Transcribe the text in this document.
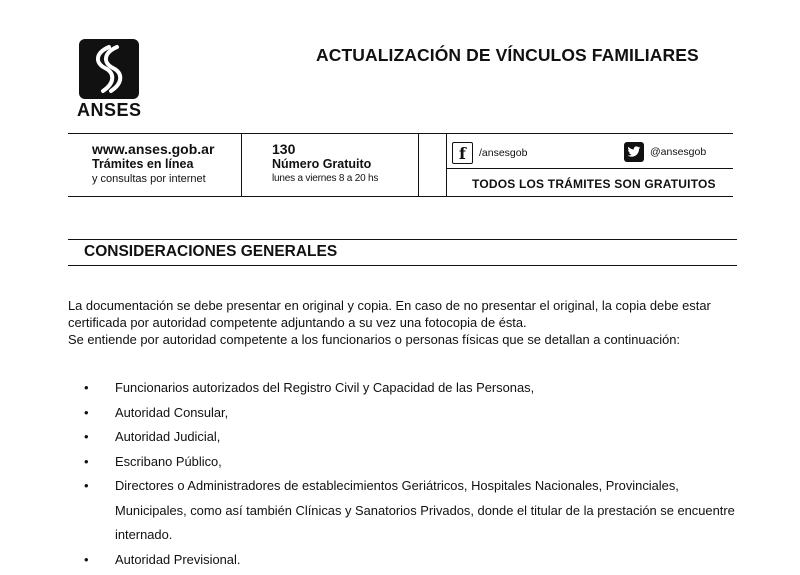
ANSES
ACTUALIZACIÓN DE VÍNCULOS FAMILIARES
www.anses.gob.ar
Trámites en línea
y consultas por internet
130
Número Gratuito
lunes a viernes 8 a 20 hs
f	/ansesgob	@ansesgob
TODOS LOS TRÁMITES SON GRATUITOS
CONSIDERACIONES GENERALES

La documentación se debe presentar en original y copia. En caso de no presentar el original, la copia debe estar certificada por autoridad competente adjuntando a su vez una fotocopia de ésta.

Se entiende por autoridad competente a los funcionarios o personas físicas que se detallan a continuación:

• Funcionarios autorizados del Registro Civil y Capacidad de las Personas,
• Autoridad Consular,
• Autoridad Judicial,
• Escribano Público,
• Directores o Administradores de establecimientos Geriátricos, Hospitales Nacionales, Provinciales, Municipales, como así también Clínicas y Sanatorios Privados, donde el titular de la prestación se encuentre internado.
• Autoridad Previsional.
